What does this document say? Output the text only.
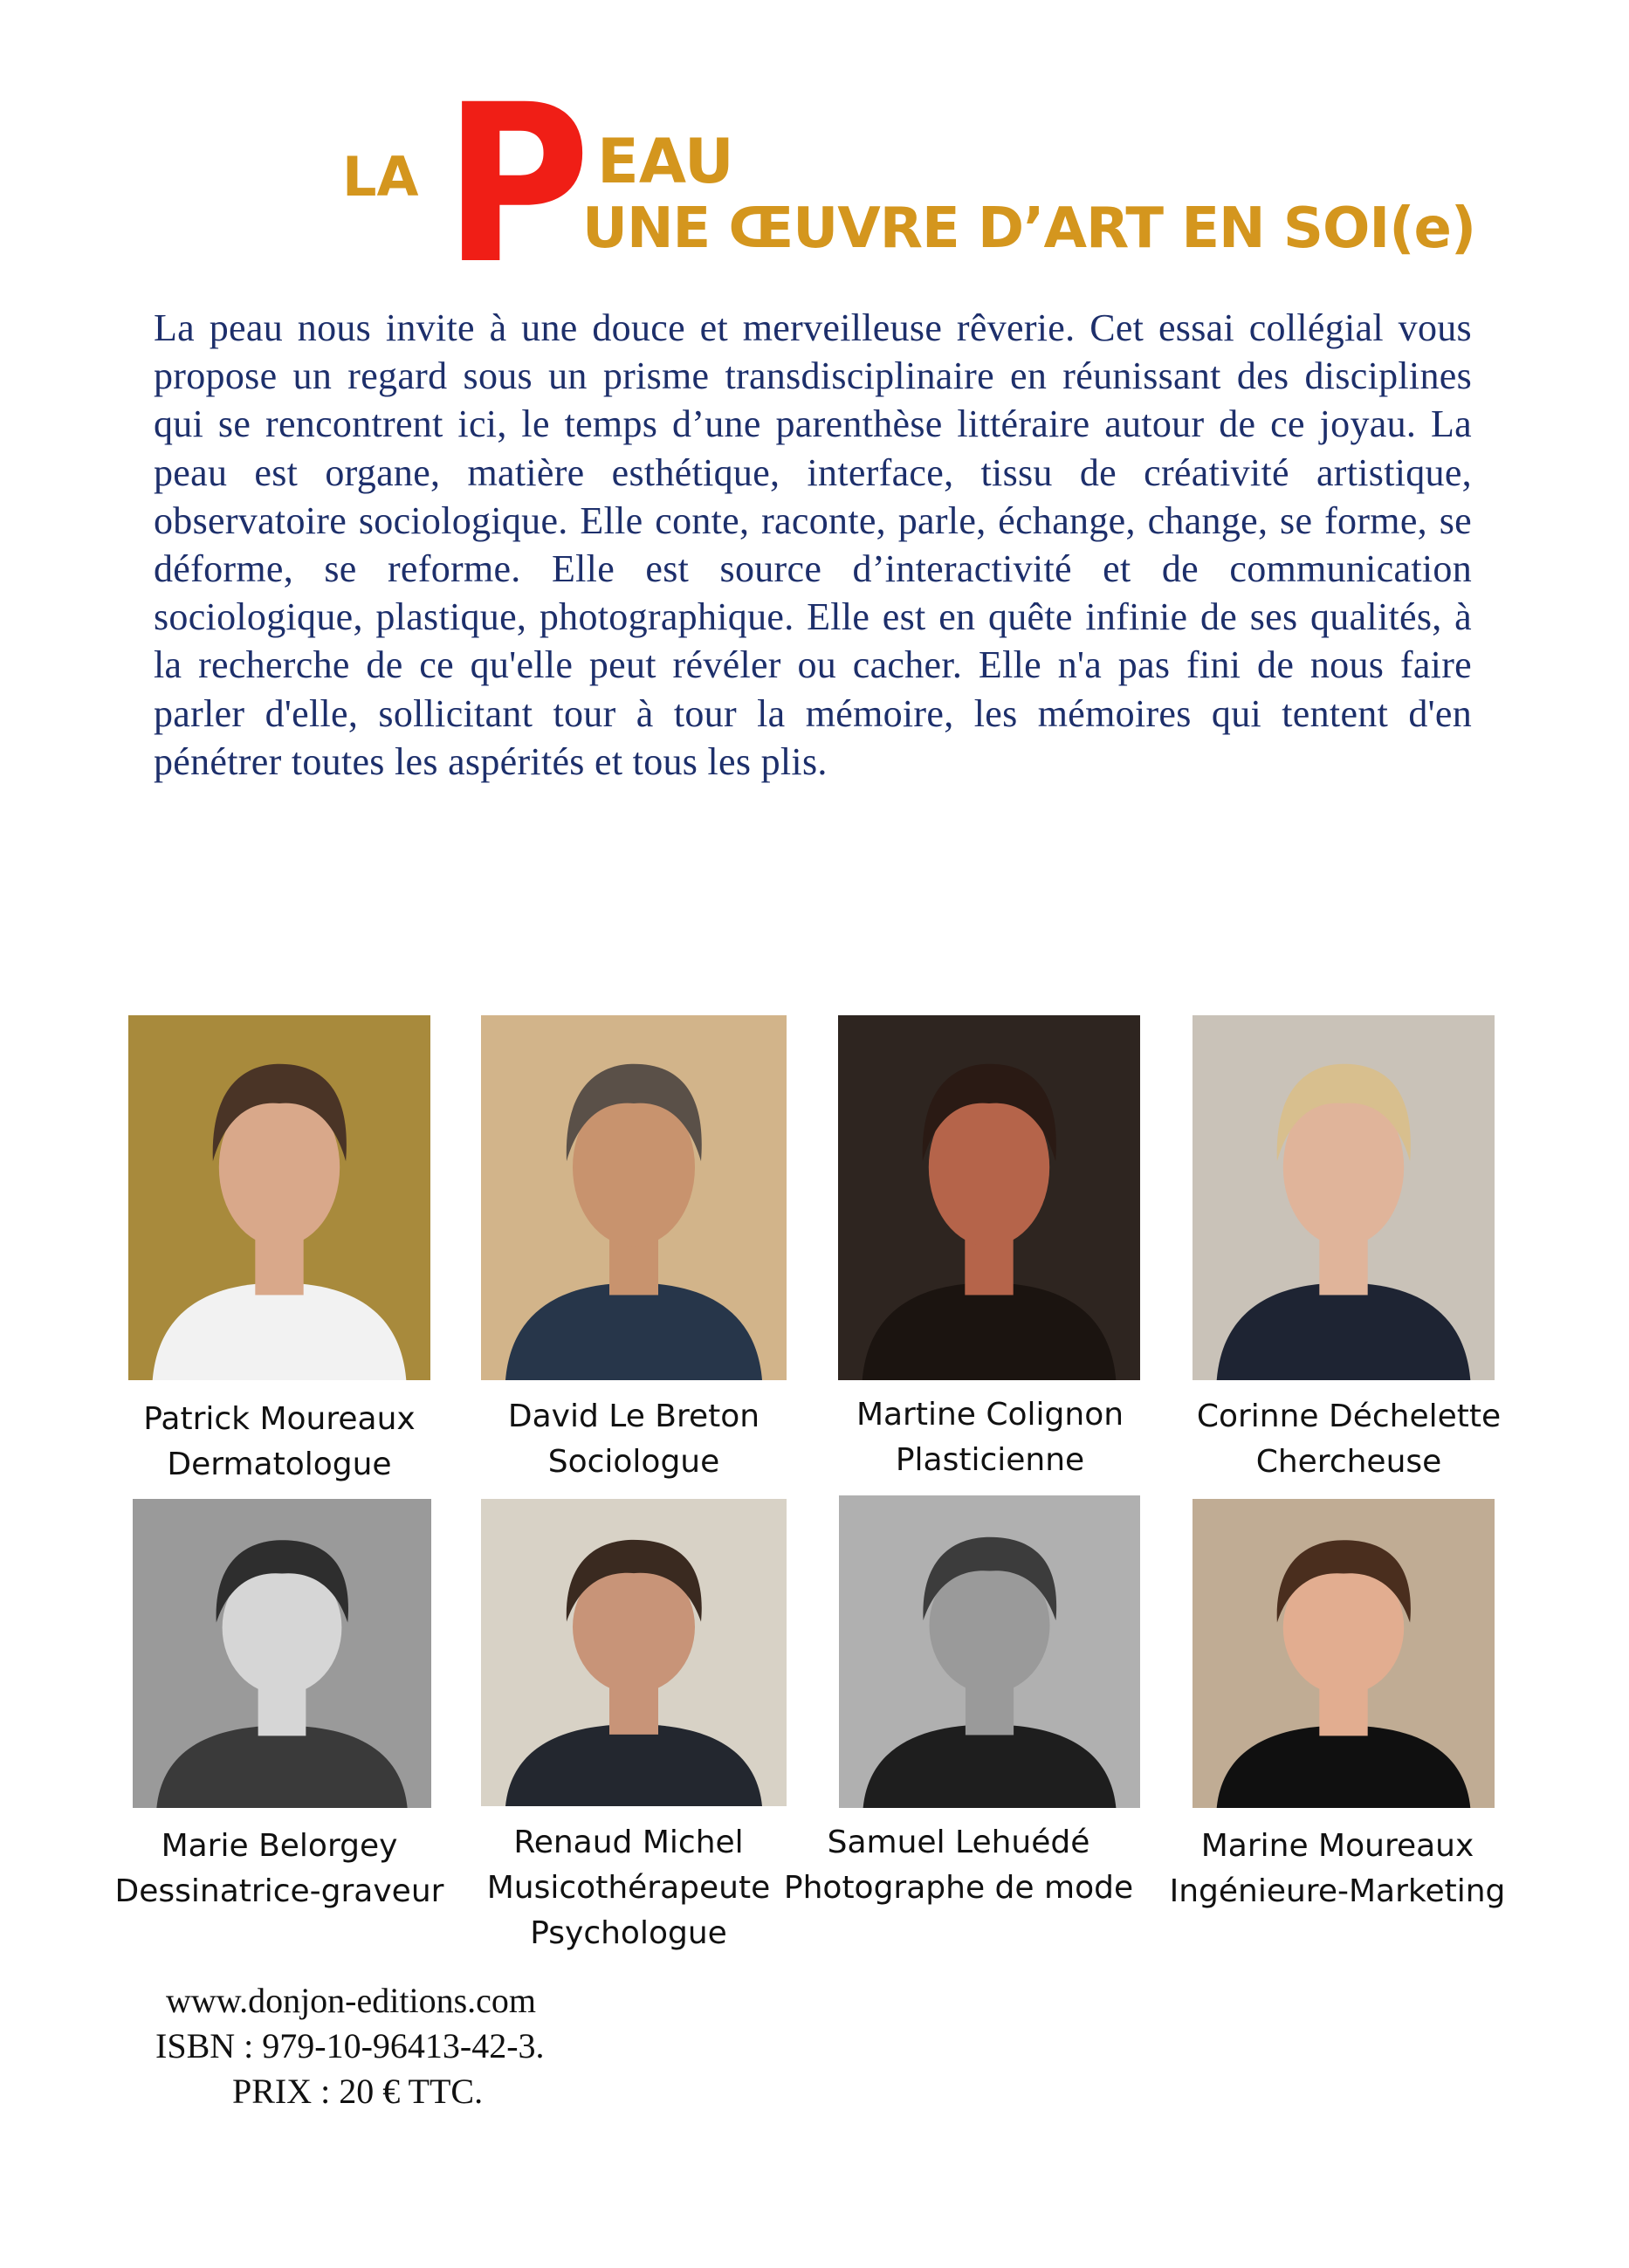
LA P EAU
UNE ŒUVRE D’ART EN SOI(e)

La peau nous invite à une douce et merveilleuse rêverie. Cet essai collégial vous propose un regard sous un prisme transdisciplinaire en réunissant des disciplines qui se rencontrent ici, le temps d’une parenthèse littéraire autour de ce joyau. La peau est organe, matière esthétique, interface, tissu de créativité artistique, observatoire sociologique. Elle conte, raconte, parle, échange, change, se forme, se déforme, se reforme. Elle est source d’interactivité et de communication sociologique, plastique, photographique. Elle est en quête infinie de ses qualités, à la recherche de ce qu'elle peut révéler ou cacher. Elle n'a pas fini de nous faire parler d'elle, sollicitant tour à tour la mémoire, les mémoires qui tentent d'en pénétrer toutes les aspérités et tous les plis.

Patrick Moureaux
Dermatologue
David Le Breton
Sociologue
Martine Colignon
Plasticienne
Corinne Déchelette
Chercheuse
Marie Belorgey
Dessinatrice-graveur
Renaud Michel
Musicothérapeute
Psychologue
Samuel Lehuédé
Photographe de mode
Marine Moureaux
Ingénieure-Marketing
www.donjon-editions.com
ISBN : 979-10-96413-42-3.
PRIX : 20 € TTC.
